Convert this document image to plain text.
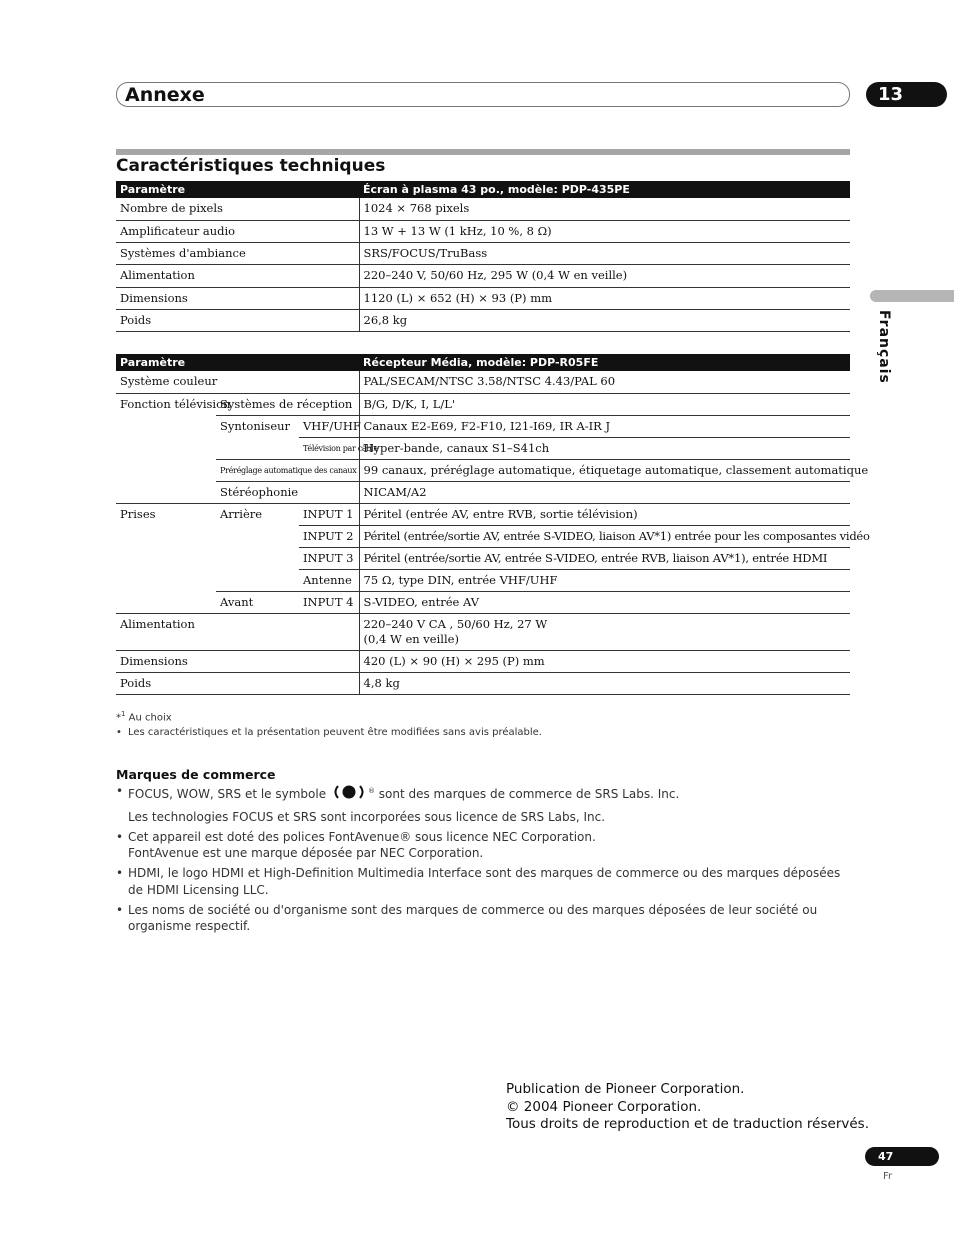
Annexe	13
Français
Caractéristiques techniques
Paramètre	Écran à plasma 43 po., modèle: PDP-435PE
Nombre de pixels	1024 × 768 pixels
Amplificateur audio	13 W + 13 W (1 kHz, 10 %, 8 Ω)
Systèmes d'ambiance	SRS/FOCUS/TruBass
Alimentation	220–240 V, 50/60 Hz, 295 W (0,4 W en veille)
Dimensions	1120 (L) × 652 (H) × 93 (P) mm
Poids	26,8 kg
Paramètre			Récepteur Média, modèle: PDP-R05FE
Système couleur			PAL/SECAM/NTSC 3.58/NTSC 4.43/PAL 60
Fonction télévision	Systèmes de réception		B/G, D/K, I, L/L'
	Syntoniseur	VHF/UHF	Canaux E2-E69, F2-F10, I21-I69, IR A-IR J
		Télévision par câble	Hyper-bande, canaux S1–S41ch
	Préréglage automatique des canaux		99 canaux, préréglage automatique, étiquetage automatique, classement automatique
	Stéréophonie		NICAM/A2
Prises	Arrière	INPUT 1	Péritel (entrée AV, entre RVB, sortie télévision)
		INPUT 2	Péritel (entrée/sortie AV, entrée S-VIDEO, liaison AV*1) entrée pour les composantes vidéo
		INPUT 3	Péritel (entrée/sortie AV, entrée S-VIDEO, entrée RVB, liaison AV*1), entrée HDMI
		Antenne	75 Ω, type DIN, entrée VHF/UHF
	Avant	INPUT 4	S-VIDEO, entrée AV
Alimentation			220–240 V CA , 50/60 Hz, 27 W
(0,4 W en veille)

Dimensions			420 (L) × 90 (H) × 295 (P) mm
Poids			4,8 kg
*$^1$ Au choix
• Les caractéristiques et la présentation peuvent être modifiées sans avis préalable.
Marques de commerce
• FOCUS, WOW, SRS et le symbole	® sont des marques de commerce de SRS Labs. Inc.

Les technologies FOCUS et SRS sont incorporées sous licence de SRS Labs, Inc.

• Cet appareil est doté des polices FontAvenue® sous licence NEC Corporation.
FontAvenue est une marque déposée par NEC Corporation.
• HDMI, le logo HDMI et High-Definition Multimedia Interface sont des marques de commerce ou des marques déposées de HDMI Licensing LLC.
• Les noms de société ou d'organisme sont des marques de commerce ou des marques déposées de leur société ou organisme respectif.
Publication de Pioneer Corporation.
© 2004 Pioneer Corporation.
Tous droits de reproduction et de traduction réservés.
47
Fr
